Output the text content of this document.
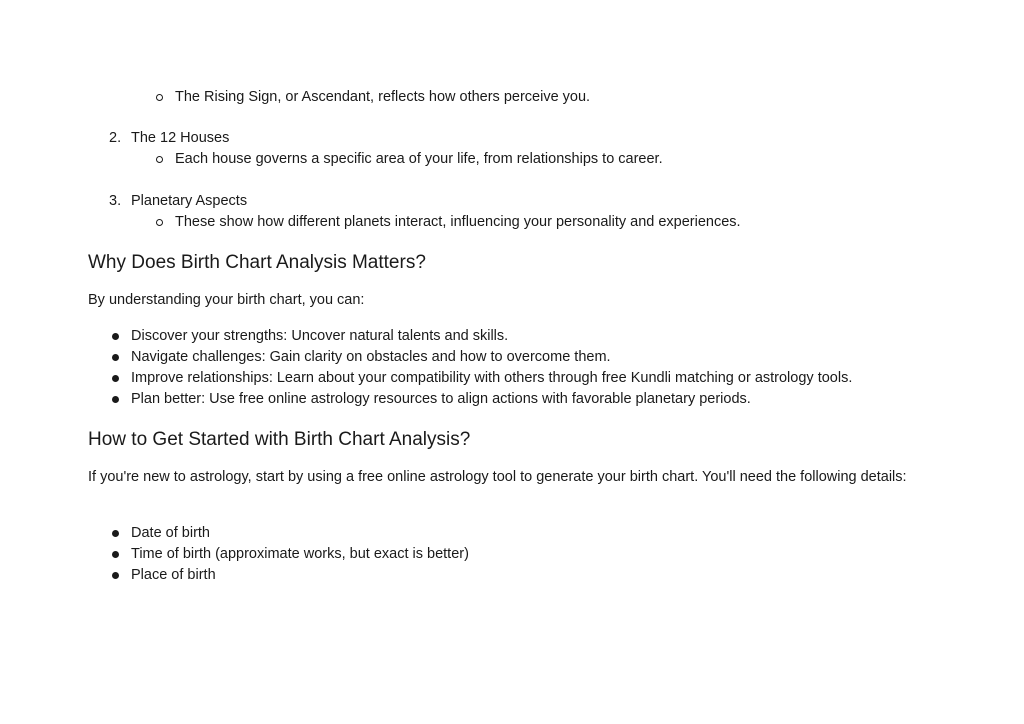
The Rising Sign, or Ascendant, reflects how others perceive you.
2. The 12 Houses
Each house governs a specific area of your life, from relationships to career.
3. Planetary Aspects
These show how different planets interact, influencing your personality and experiences.
Why Does Birth Chart Analysis Matters?
By understanding your birth chart, you can:
Discover your strengths: Uncover natural talents and skills.
Navigate challenges: Gain clarity on obstacles and how to overcome them.
Improve relationships: Learn about your compatibility with others through free Kundli matching or astrology tools.
Plan better: Use free online astrology resources to align actions with favorable planetary periods.
How to Get Started with Birth Chart Analysis?
If you're new to astrology, start by using a free online astrology tool to generate your birth chart. You'll need the following details:
Date of birth
Time of birth (approximate works, but exact is better)
Place of birth
